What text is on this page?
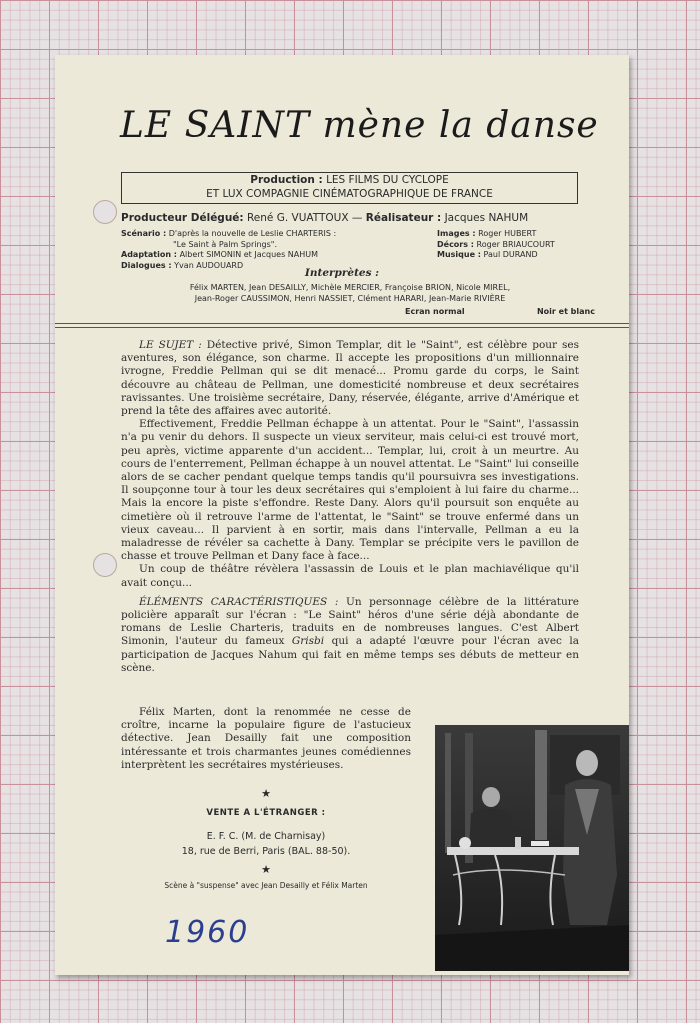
LE SAINT mène la danse
Production : LES FILMS DU CYCLOPE
ET LUX COMPAGNIE CINÉMATOGRAPHIQUE DE FRANCE
Producteur Délégué: René G. VUATTOUX — Réalisateur : Jacques NAHUM
Scénario : D'après la nouvelle de Leslie CHARTERIS :
"Le Saint à Palm Springs".
Adaptation : Albert SIMONIN et Jacques NAHUM
Dialogues : Yvan AUDOUARD
Images : Roger HUBERT
Décors : Roger BRIAUCOURT
Musique : Paul DURAND
Interprètes :
Félix MARTEN, Jean DESAILLY, Michèle MERCIER, Françoise BRION, Nicole MIREL,
Jean-Roger CAUSSIMON, Henri NASSIET, Clément HARARI, Jean-Marie RIVIÈRE
Ecran normal	Noir et blanc

LE SUJET : Détective privé, Simon Templar, dit le "Saint", est célèbre pour ses aventures, son élégance, son charme. Il accepte les propositions d'un millionnaire ivrogne, Freddie Pellman qui se dit menacé... Promu garde du corps, le Saint découvre au château de Pellman, une domesticité nombreuse et deux secrétaires ravissantes. Une troisième secrétaire, Dany, réservée, élégante, arrive d'Amérique et prend la tête des affaires avec autorité.

Effectivement, Freddie Pellman échappe à un attentat. Pour le "Saint", l'assassin n'a pu venir du dehors. Il suspecte un vieux serviteur, mais celui-ci est trouvé mort, peu après, victime apparente d'un accident... Templar, lui, croit à un meurtre. Au cours de l'enterrement, Pellman échappe à un nouvel attentat. Le "Saint" lui conseille alors de se cacher pendant quelque temps tandis qu'il poursuivra ses investigations. Il soupçonne tour à tour les deux secrétaires qui s'emploient à lui faire du charme... Mais la encore la piste s'effondre. Reste Dany. Alors qu'il poursuit son enquête au cimetière où il retrouve l'arme de l'attentat, le "Saint" se trouve enfermé dans un vieux caveau... Il parvient à en sortir, mais dans l'intervalle, Pellman a eu la maladresse de révéler sa cachette à Dany. Templar se précipite vers le pavillon de chasse et trouve Pellman et Dany face à face...

Un coup de théâtre révèlera l'assassin de Louis et le plan machiavélique qu'il avait conçu...

ÉLÉMENTS CARACTÉRISTIQUES : Un personnage célèbre de la littérature policière apparaît sur l'écran : "Le Saint" héros d'une série déjà abondante de romans de Leslie Charteris, traduits en de nombreuses langues. C'est Albert Simonin, l'auteur du fameux Grisbi qui a adapté l'œuvre pour l'écran avec la participation de Jacques Nahum qui fait en même temps ses débuts de metteur en scène.

Félix Marten, dont la renommée ne cesse de croître, incarne la populaire figure de l'astucieux détective. Jean Desailly fait une composition intéressante et trois charmantes jeunes comédiennes interprètent les secrétaires mystérieuses.

★
VENTE A L'ÉTRANGER :
E. F. C. (M. de Charnisay)
18, rue de Berri, Paris (BAL. 88-50).
★
Scène à "suspense" avec Jean Desailly et Félix Marten
1960
